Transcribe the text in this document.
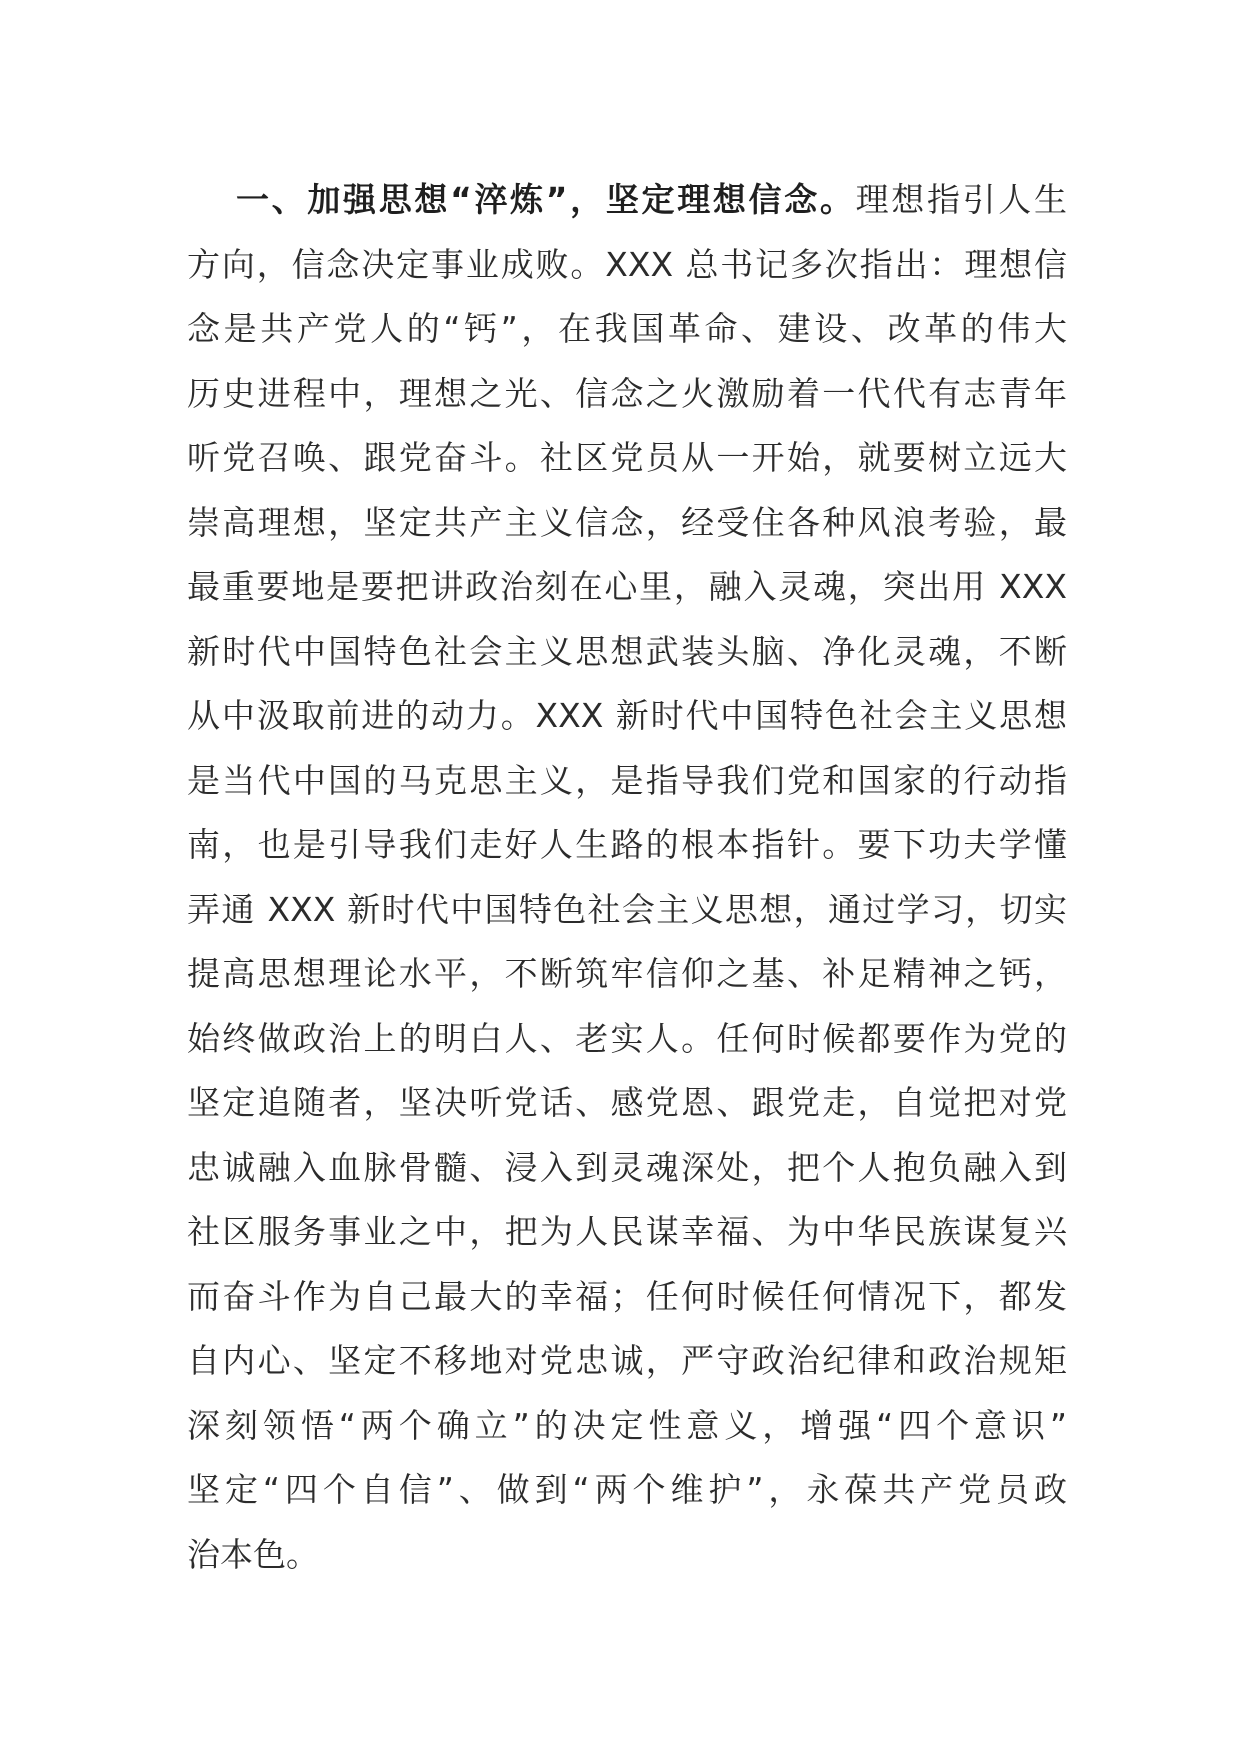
一、加强思想“淬炼”，坚定理想信念。理想指引人生
方向，信念决定事业成败。XXX 总书记多次指出：理想信
念是共产党人的“钙”，在我国革命、建设、改革的伟大
历史进程中，理想之光、信念之火激励着一代代有志青年
听党召唤、跟党奋斗。社区党员从一开始，就要树立远大
崇高理想，坚定共产主义信念，经受住各种风浪考验，最
最重要地是要把讲政治刻在心里，融入灵魂，突出用 XXX
新时代中国特色社会主义思想武装头脑、净化灵魂，不断
从中汲取前进的动力。XXX 新时代中国特色社会主义思想
是当代中国的马克思主义，是指导我们党和国家的行动指
南，也是引导我们走好人生路的根本指针。要下功夫学懂
弄通 XXX 新时代中国特色社会主义思想，通过学习，切实
提高思想理论水平，不断筑牢信仰之基、补足精神之钙，
始终做政治上的明白人、老实人。任何时候都要作为党的
坚定追随者，坚决听党话、感党恩、跟党走，自觉把对党
忠诚融入血脉骨髓、浸入到灵魂深处，把个人抱负融入到
社区服务事业之中，把为人民谋幸福、为中华民族谋复兴
而奋斗作为自己最大的幸福；任何时候任何情况下，都发
自内心、坚定不移地对党忠诚，严守政治纪律和政治规矩
深刻领悟“两个确立”的决定性意义，增强“四个意识”
坚定“四个自信”、做到“两个维护”，永葆共产党员政
治本色。
